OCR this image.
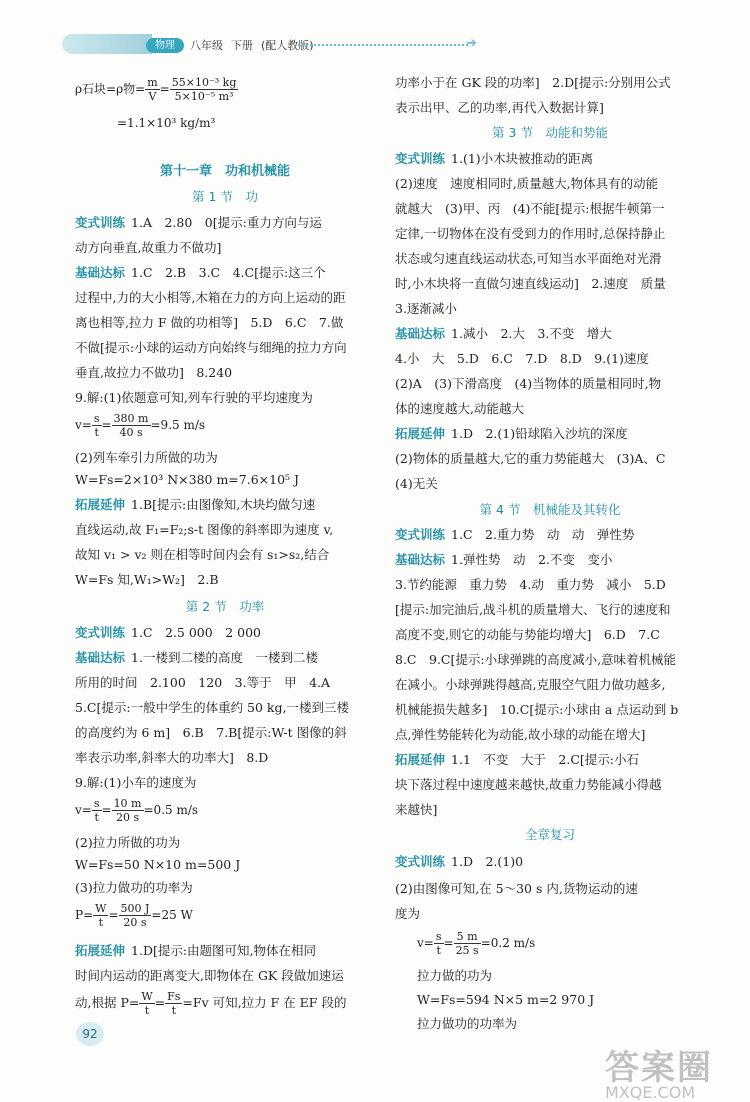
物理	八年级 下册 (配人教版)	➔
ρ石块=ρ物= $\frac{m}{V} = \frac{\text{55×10⁻³ kg}}{\text{5×10⁻⁵ m³}}$
=1.1×10³ kg/m³
第十一章　功和机械能
第 1 节　功
变式训练 1.A　2.80　0[提示:重力方向与运
动方向垂直,故重力不做功]
基础达标 1.C　2.B　3.C　4.C[提示:这三个
过程中,力的大小相等,木箱在力的方向上运动的距
离也相等,拉力 F 做的功相等]　5.D　6.C　7.做
不做[提示:小球的运动方向始终与细绳的拉力方向
垂直,故拉力不做功]　8.240
9.解:(1)依题意可知,列车行驶的平均速度为
$v= \frac{s}{t} = \frac{380 m}{40 s} =9.5$ m/s
(2)列车牵引力所做的功为
W=Fs=2×10³ N×380 m=7.6×10⁵ J
拓展延伸 1.B[提示:由图像知,木块均做匀速
直线运动,故 F₁=F₂;s-t 图像的斜率即为速度 v,
故知 v₁ > v₂ 则在相等时间内会有 s₁>s₂,结合
W=Fs 知,W₁>W₂]　2.B
第 2 节　功率
变式训练 1.C　2.5 000　2 000
基础达标 1.一楼到二楼的高度　一楼到二楼
所用的时间　2.100　120　3.等于　甲　4.A
5.C[提示:一般中学生的体重约 50 kg,一楼到三楼
的高度约为 6 m]　6.B　7.B[提示:W-t 图像的斜
率表示功率,斜率大的功率大]　8.D
9.解:(1)小车的速度为
$v= \frac{s}{t} = \frac{10 m}{20 s} =0.5$ m/s
(2)拉力所做的功为
W=Fs=50 N×10 m=500 J
(3)拉力做功的功率为
$P= \frac{W}{t} = \frac{500 J}{20 s} =25$ W
拓展延伸 1.D[提示:由题图可知,物体在相同
时间内运动的距离变大,即物体在 GK 段做加速运
动,根据 $P= \frac{W}{t} = \frac{Fs}{t} =Fv$ 可知,拉力 F 在 EF 段的
功率小于在 GK 段的功率]　2.D[提示:分别用公式
表示出甲、乙的功率,再代入数据计算]
第 3 节　动能和势能
变式训练 1.(1)小木块被推动的距离
(2)速度　速度相同时,质量越大,物体具有的动能
就越大　(3)甲、丙　(4)不能[提示:根据牛顿第一
定律,一切物体在没有受到力的作用时,总保持静止
状态或匀速直线运动状态,可知当水平面绝对光滑
时,小木块将一直做匀速直线运动]　2.速度　质量
3.逐渐减小
基础达标 1.减小　2.大　3.不变　增大
4.小　大　5.D　6.C　7.D　8.D　9.(1)速度
(2)A　(3)下滑高度　(4)当物体的质量相同时,物
体的速度越大,动能越大
拓展延伸 1.D　2.(1)铅球陷入沙坑的深度
(2)物体的质量越大,它的重力势能越大　(3)A、C
(4)无关
第 4 节　机械能及其转化
变式训练 1.C　2.重力势　动　动　弹性势
基础达标 1.弹性势　动　2.不变　变小
3.节约能源　重力势　4.动　重力势　减小　5.D
[提示:加完油后,战斗机的质量增大、飞行的速度和
高度不变,则它的动能与势能均增大]　6.D　7.C
8.C　9.C[提示:小球弹跳的高度减小,意味着机械能
在减小。小球弹跳得越高,克服空气阻力做功越多,
机械能损失越多]　10.C[提示:小球由 a 点运动到 b
点,弹性势能转化为动能,故小球的动能在增大]
拓展延伸 1.1　不变　大于　2.C[提示:小石
块下落过程中速度越来越快,故重力势能减小得越
来越快]
全章复习
变式训练 1.D　2.(1)0
(2)由图像可知,在 5～30 s 内,货物运动的速
度为
$v= \frac{s}{t} = \frac{5 m}{25 s} =0.2$ m/s
拉力做的功为
W=Fs=594 N×5 m=2 970 J
拉力做功的功率为
92
答案圈
MXQE.COM
